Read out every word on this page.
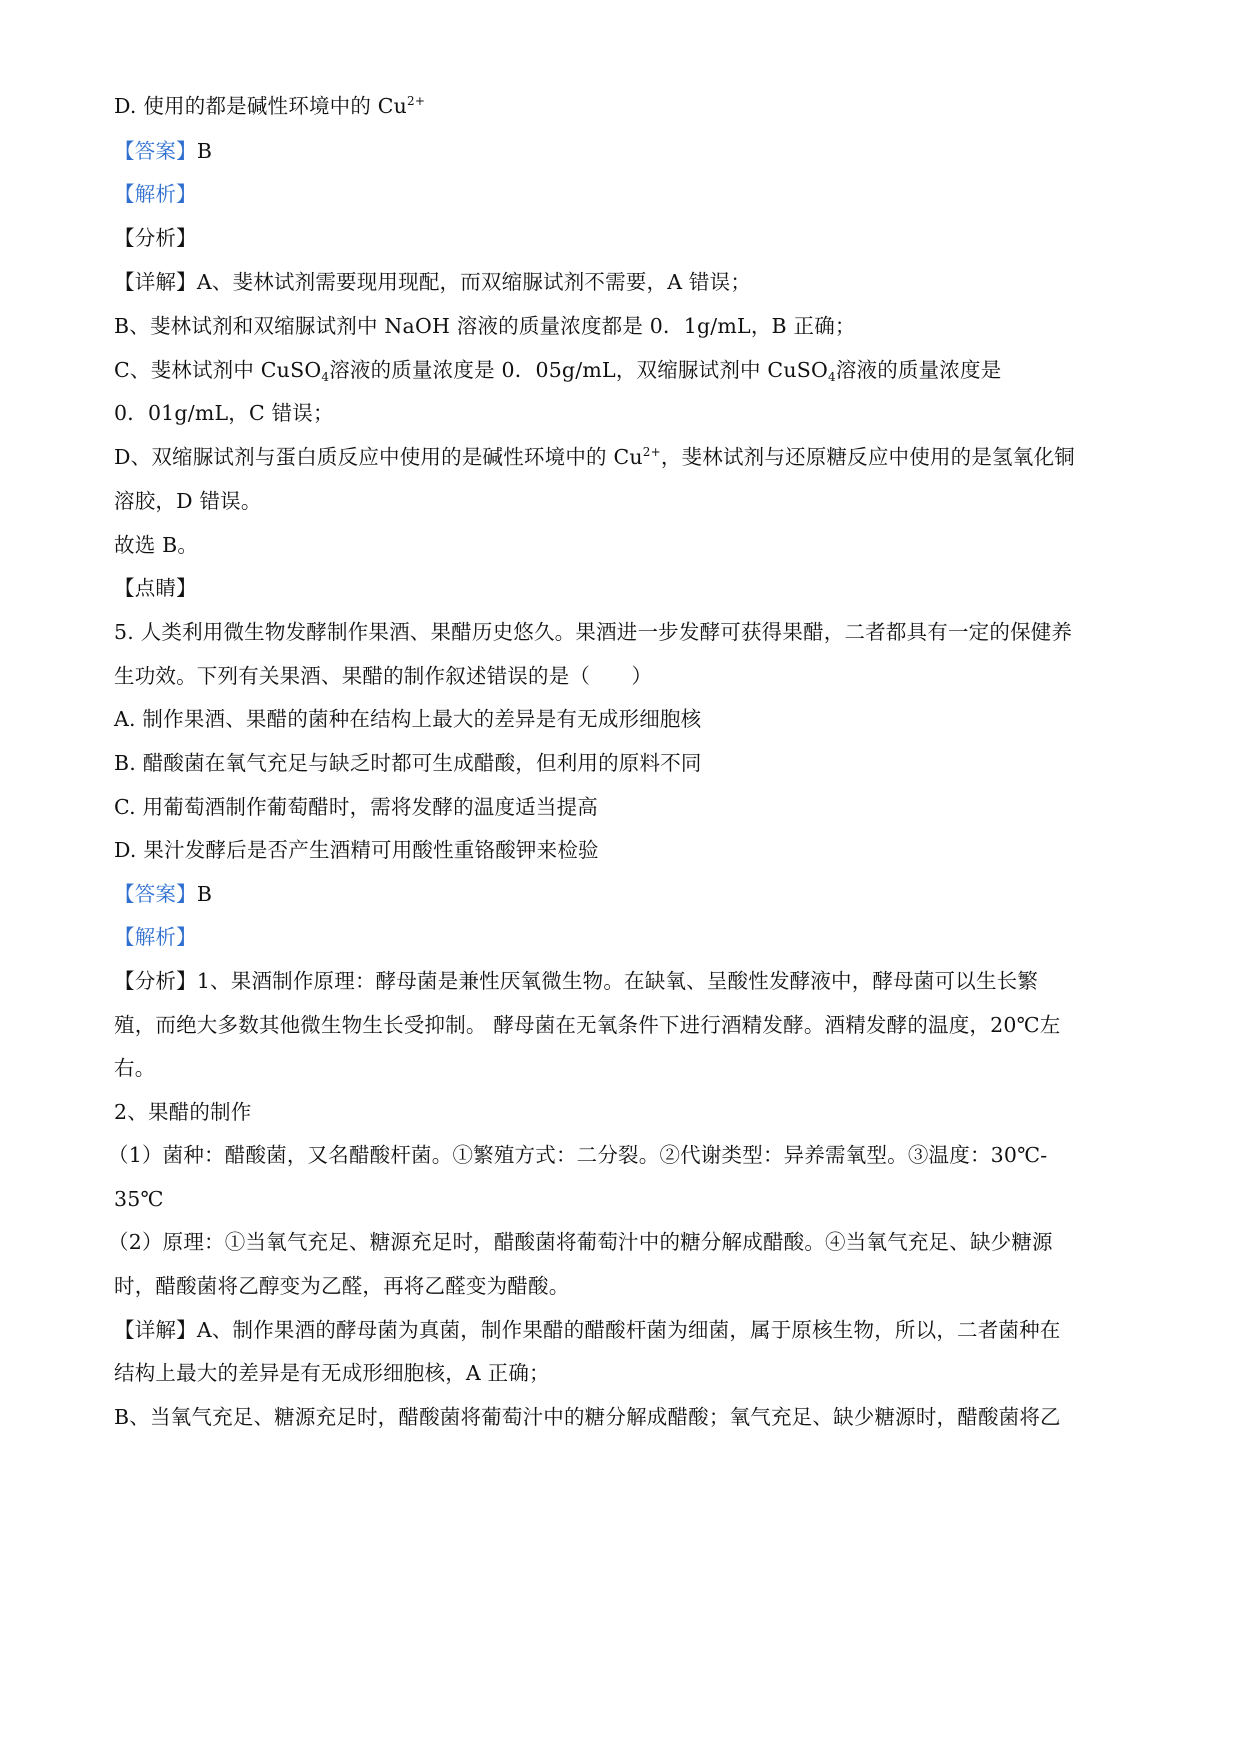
D. 使用的都是碱性环境中的 $Cu^{2+}$
【答案】B
【解析】
【分析】
【详解】A、斐林试剂需要现用现配，而双缩脲试剂不需要，A 错误；
B、斐林试剂和双缩脲试剂中 NaOH 溶液的质量浓度都是 0．1g/mL，B 正确；
C、斐林试剂中 CuSO$_4$溶液的质量浓度是 0．05g/mL，双缩脲试剂中 CuSO$_4$溶液的质量浓度是
0．01g/mL，C 错误；
D、双缩脲试剂与蛋白质反应中使用的是碱性环境中的 $Cu^{2+}$，斐林试剂与还原糖反应中使用的是氢氧化铜
溶胶，D 错误。
故选 B。
【点睛】
5. 人类利用微生物发酵制作果酒、果醋历史悠久。果酒进一步发酵可获得果醋，二者都具有一定的保健养
生功效。下列有关果酒、果醋的制作叙述错误的是（　　）
A. 制作果酒、果醋的菌种在结构上最大的差异是有无成形细胞核
B. 醋酸菌在氧气充足与缺乏时都可生成醋酸，但利用的原料不同
C. 用葡萄酒制作葡萄醋时，需将发酵的温度适当提高
D. 果汁发酵后是否产生酒精可用酸性重铬酸钾来检验
【答案】B
【解析】
【分析】1、果酒制作原理：酵母菌是兼性厌氧微生物。在缺氧、呈酸性发酵液中，酵母菌可以生长繁
殖，而绝大多数其他微生物生长受抑制。 酵母菌在无氧条件下进行酒精发酵。酒精发酵的温度，20℃左
右。
2、果醋的制作
（1）菌种：醋酸菌，又名醋酸杆菌。①繁殖方式：二分裂。②代谢类型：异养需氧型。③温度：30℃-
35℃
（2）原理：①当氧气充足、糖源充足时，醋酸菌将葡萄汁中的糖分解成醋酸。④当氧气充足、缺少糖源
时，醋酸菌将乙醇变为乙醛，再将乙醛变为醋酸。
【详解】A、制作果酒的酵母菌为真菌，制作果醋的醋酸杆菌为细菌，属于原核生物，所以，二者菌种在
结构上最大的差异是有无成形细胞核，A 正确；
B、当氧气充足、糖源充足时，醋酸菌将葡萄汁中的糖分解成醋酸；氧气充足、缺少糖源时，醋酸菌将乙
